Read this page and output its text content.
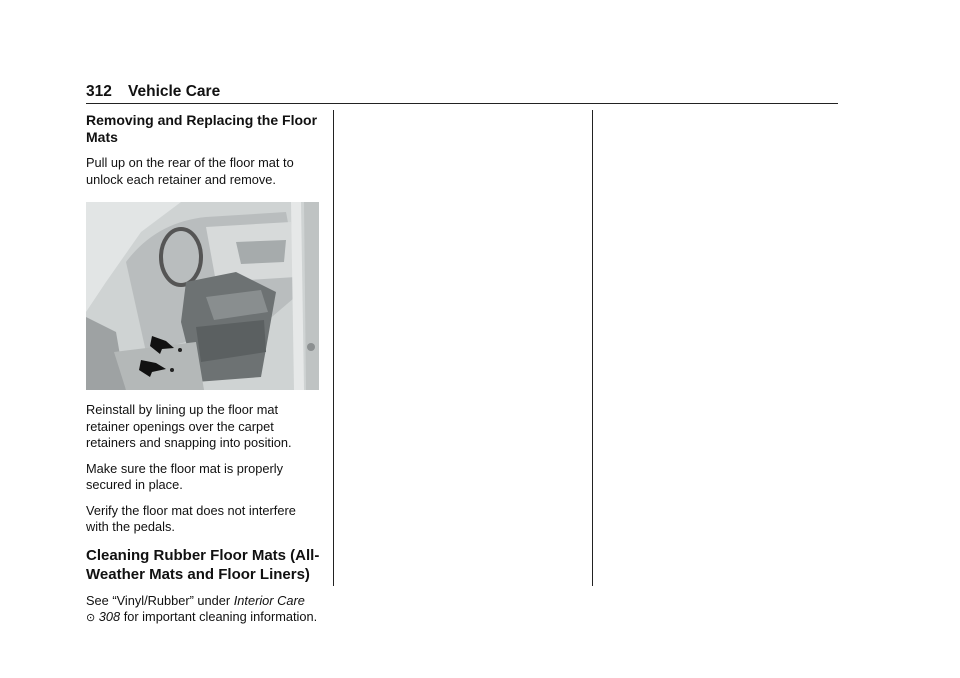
312 Vehicle Care
Removing and Replacing the Floor Mats

Pull up on the rear of the floor mat to unlock each retainer and remove.

Reinstall by lining up the floor mat retainer openings over the carpet retainers and snapping into position.

Make sure the floor mat is properly secured in place.

Verify the floor mat does not interfere with the pedals.

Cleaning Rubber Floor Mats (All-Weather Mats and Floor Liners)

See “Vinyl/Rubber” under Interior Care
⊙ 308 for important cleaning information.
